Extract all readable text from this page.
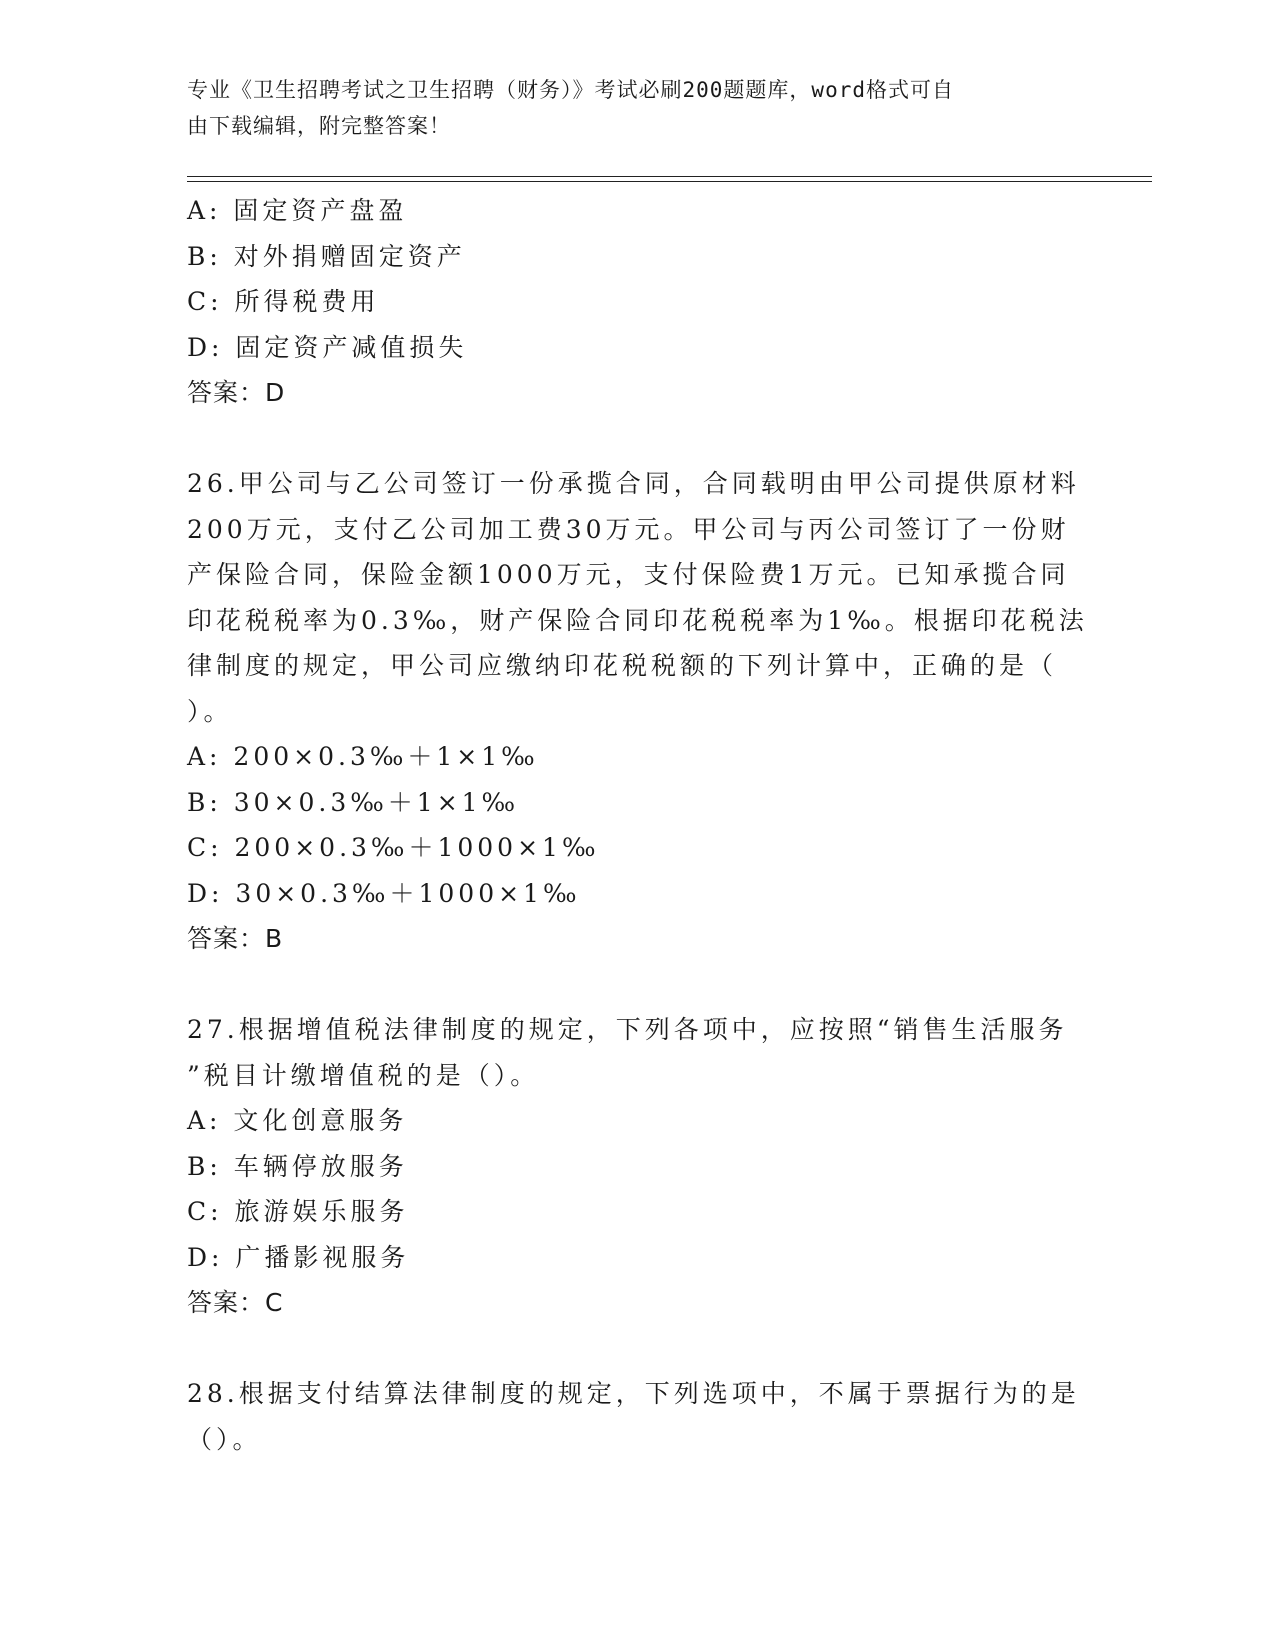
专业《卫生招聘考试之卫生招聘（财务）》考试必刷200题题库，word格式可自
由下载编辑，附完整答案！
A: 固定资产盘盈
B: 对外捐赠固定资产
C: 所得税费用
D: 固定资产减值损失
答案：D
26.甲公司与乙公司签订一份承揽合同，合同载明由甲公司提供原材料
200万元，支付乙公司加工费30万元。甲公司与丙公司签订了一份财
产保险合同，保险金额1000万元，支付保险费1万元。已知承揽合同
印花税税率为0.3‰，财产保险合同印花税税率为1‰。根据印花税法
律制度的规定，甲公司应缴纳印花税税额的下列计算中，正确的是（
）。
A: 200×0.3‰＋1×1‰
B: 30×0.3‰＋1×1‰
C: 200×0.3‰＋1000×1‰
D: 30×0.3‰＋1000×1‰
答案：B
27.根据增值税法律制度的规定，下列各项中，应按照“销售生活服务
”税目计缴增值税的是（）。
A: 文化创意服务
B: 车辆停放服务
C: 旅游娱乐服务
D: 广播影视服务
答案：C
28.根据支付结算法律制度的规定，下列选项中，不属于票据行为的是
（）。
